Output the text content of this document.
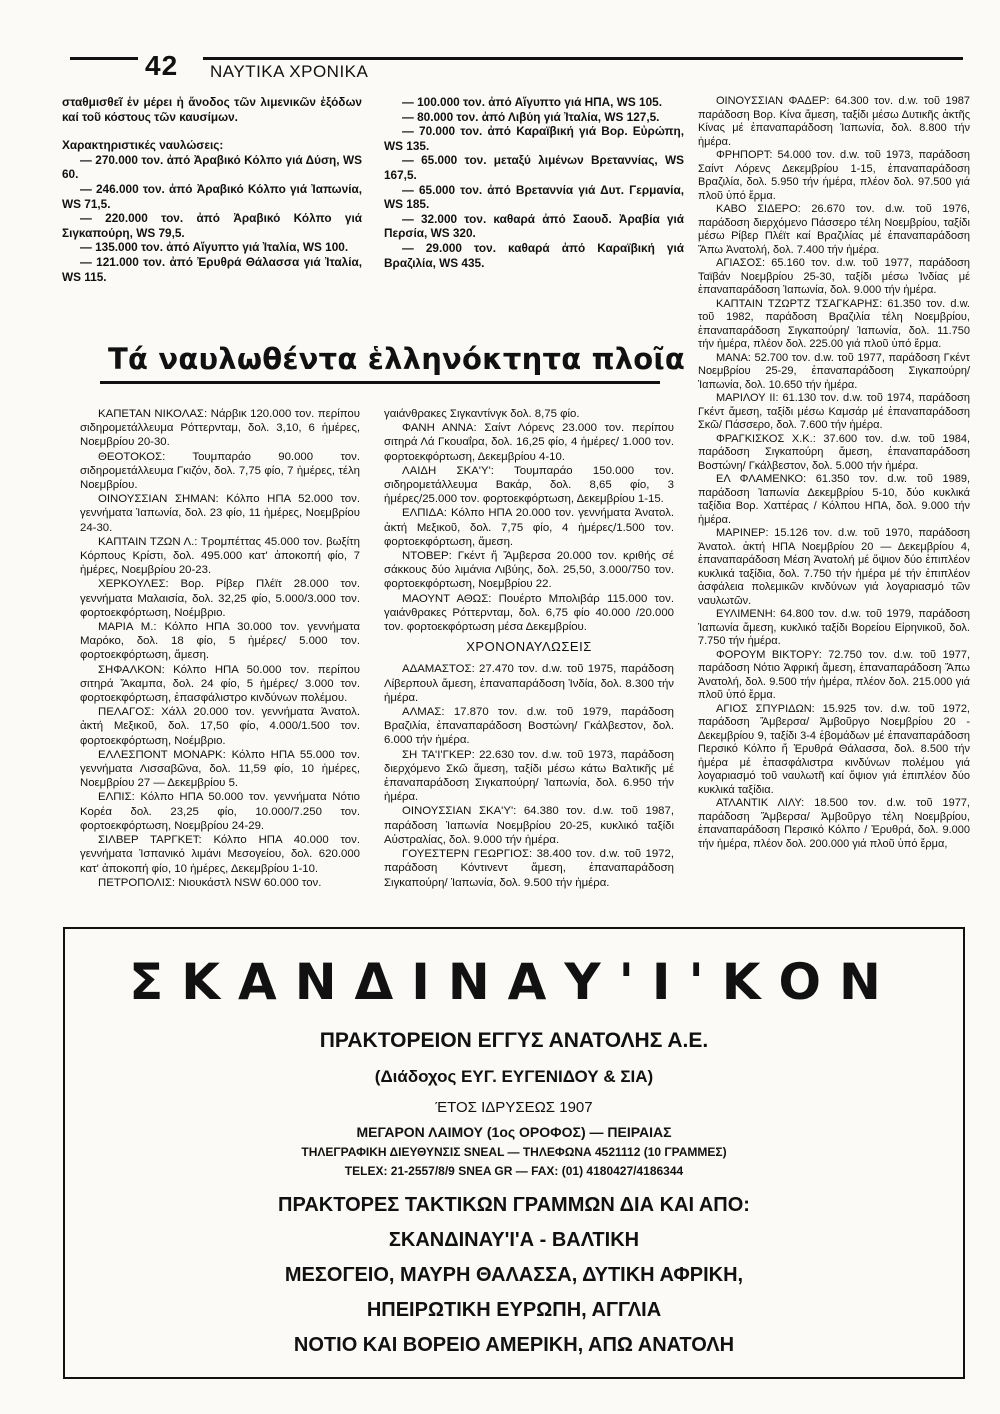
42 ΝΑΥΤΙΚΑ ΧΡΟΝΙΚΑ

σταθμισθεῖ ἐν μέρει ἡ ἄνοδος τῶν λιμενικῶν ἐξόδων καί τοῦ κόστους τῶν καυσίμων.

Χαρακτηριστικές ναυλώσεις:

— 270.000 τον. ἀπό Ἀραβικό Κόλπο γιά Δύση, WS 60.

— 246.000 τον. ἀπό Ἀραβικό Κόλπο γιά Ἰαπωνία, WS 71,5.

— 220.000 τον. ἀπό Ἀραβικό Κόλπο γιά Σιγκαπούρη, WS 79,5.

— 135.000 τον. ἀπό Αἴγυπτο γιά Ἰταλία, WS 100.

— 121.000 τον. ἀπό Ἐρυθρά Θάλασσα γιά Ἰταλία, WS 115.

— 100.000 τον. ἀπό Αἴγυπτο γιά ΗΠΑ, WS 105.

— 80.000 τον. ἀπό Λιβύη γιά Ἰταλία, WS 127,5.

— 70.000 τον. ἀπό Καραϊβική γιά Βορ. Εὐρώπη, WS 135.

— 65.000 τον. μεταξύ λιμένων Βρεταννίας, WS 167,5.

— 65.000 τον. ἀπό Βρεταννία γιά Δυτ. Γερμανία, WS 185.

— 32.000 τον. καθαρά ἀπό Σαουδ. Ἀραβία γιά Περσία, WS 320.

— 29.000 τον. καθαρά ἀπό Καραϊβική γιά Βραζιλία, WS 435.

Τά ναυλωθέντα ἑλληνόκτητα πλοῖα

ΚΑΠΕΤΑΝ ΝΙΚΟΛΑΣ: Νάρβικ 120.000 τον. περίπου σιδηρομετάλλευμα Ρόττερνταμ, δολ. 3,10, 6 ἡμέρες, Νοεμβρίου 20-30.

ΘΕΟΤΟΚΟΣ: Τουμπαράο 90.000 τον. σιδηρομετάλλευμα Γκιζόν, δολ. 7,75 φίο, 7 ἡμέρες, τέλη Νοεμβρίου.

ΟΙΝΟΥΣΣΙΑΝ ΣΗΜΑΝ: Κόλπο ΗΠΑ 52.000 τον. γεννήματα Ἰαπωνία, δολ. 23 φίο, 11 ἡμέρες, Νοεμβρίου 24-30.

ΚΑΠΤΑΙΝ ΤΖΩΝ Λ.: Τρομπέττας 45.000 τον. βωξίτη Κόρπους Κρίστι, δολ. 495.000 κατ' ἀποκοπή φίο, 7 ἡμέρες, Νοεμβρίου 20-23.

ΧΕΡΚΟΥΛΕΣ: Βορ. Ρίβερ Πλέϊτ 28.000 τον. γεννήματα Μαλαισία, δολ. 32,25 φίο, 5.000/3.000 τον. φορτοεκφόρτωση, Νοέμβριο.

ΜΑΡΙΑ Μ.: Κόλπο ΗΠΑ 30.000 τον. γεννήματα Μαρόκο, δολ. 18 φίο, 5 ἡμέρες/ 5.000 τον. φορτοεκφόρτωση, ἄμεση.

ΣΗΦΑΛΚΟΝ: Κόλπο ΗΠΑ 50.000 τον. περίπου σιτηρά Ἄκαμπα, δολ. 24 φίο, 5 ἡμέρες/ 3.000 τον. φορτοεκφόρτωση, ἐπασφάλιστρο κινδύνων πολέμου.

ΠΕΛΑΓΟΣ: Χάλλ 20.000 τον. γεννήματα Ἀνατολ. ἀκτή Μεξικοῦ, δολ. 17,50 φίο, 4.000/1.500 τον. φορτοεκφόρτωση, Νοέμβριο.

ΕΛΛΕΣΠΟΝΤ ΜΟΝΑΡΚ: Κόλπο ΗΠΑ 55.000 τον. γεννήματα Λισσαβῶνα, δολ. 11,59 φίο, 10 ἡμέρες, Νοεμβρίου 27 — Δεκεμβρίου 5.

ΕΛΠΙΣ: Κόλπο ΗΠΑ 50.000 τον. γεννήματα Νότιο Κορέα δολ. 23,25 φίο, 10.000/7.250 τον. φορτοεκφόρτωση, Νοεμβρίου 24-29.

ΣΙΛΒΕΡ ΤΑΡΓΚΕΤ: Κόλπο ΗΠΑ 40.000 τον. γεννήματα Ἰσπανικό λιμάνι Μεσογείου, δολ. 620.000 κατ' ἀποκοπή φίο, 10 ἡμέρες, Δεκεμβρίου 1-10.

ΠΕΤΡΟΠΟΛΙΣ: Νιουκάστλ NSW 60.000 τον.

γαιάνθρακες Σιγκαντίνγκ δολ. 8,75 φίο.

ΦΑΝΗ ΑΝΝΑ: Σαίντ Λόρενς 23.000 τον. περίπου σιτηρά Λά Γκουαΐρα, δολ. 16,25 φίο, 4 ἡμέρες/ 1.000 τον. φορτοεκφόρτωση, Δεκεμβρίου 4-10.

ΛΑΙΔΗ ΣΚΑ'Υ': Τουμπαράο 150.000 τον. σιδηρομετάλλευμα Βακάρ, δολ. 8,65 φίο, 3 ἡμέρες/25.000 τον. φορτοεκφόρτωση, Δεκεμβρίου 1-15.

ΕΛΠΙΔΑ: Κόλπο ΗΠΑ 20.000 τον. γεννήματα Ἀνατολ. ἀκτή Μεξικοῦ, δολ. 7,75 φίο, 4 ἡμέρες/1.500 τον. φορτοεκφόρτωση, ἄμεση.

ΝΤΟΒΕΡ: Γκέντ ἤ Ἄμβερσα 20.000 τον. κριθής σέ σάκκους δύο λιμάνια Λιβύης, δολ. 25,50, 3.000/750 τον. φορτοεκφόρτωση, Νοεμβρίου 22.

ΜΑΟΥΝΤ ΑΘΩΣ: Πουέρτο Μπολιβάρ 115.000 τον. γαιάνθρακες Ρόττερνταμ, δολ. 6,75 φίο 40.000 /20.000 τον. φορτοεκφόρτωση μέσα Δεκεμβρίου.

ΧΡΟΝΟΝΑΥΛΩΣΕΙΣ

ΑΔΑΜΑΣΤΟΣ: 27.470 τον. d.w. τοῦ 1975, παράδοση Λίβερπουλ ἄμεση, ἐπαναπαράδοση Ἰνδία, δολ. 8.300 τήν ἡμέρα.

ΑΛΜΑΣ: 17.870 τον. d.w. τοῦ 1979, παράδοση Βραζιλία, ἐπαναπαράδοση Βοστώνη/ Γκάλβεστον, δολ. 6.000 τήν ἡμέρα.

ΣΗ ΤΑ'Ι'ΓΚΕΡ: 22.630 τον. d.w. τοῦ 1973, παράδοση διερχόμενο Σκῶ ἄμεση, ταξίδι μέσω κάτω Βαλτικῆς μέ ἐπαναπαράδοση Σιγκαπούρη/ Ἰαπωνία, δολ. 6.950 τήν ἡμέρα.

ΟΙΝΟΥΣΣΙΑΝ ΣΚΑ'Υ': 64.380 τον. d.w. τοῦ 1987, παράδοση Ἰαπωνία Νοεμβρίου 20-25, κυκλικό ταξίδι Αὐστραλίας, δολ. 9.000 τήν ἡμέρα.

ΓΟΥΕΣΤΕΡΝ ΓΕΩΡΓΙΟΣ: 38.400 τον. d.w. τοῦ 1972, παράδοση Κόντινεντ ἄμεση, ἐπαναπαράδοση Σιγκαπούρη/ Ἰαπωνία, δολ. 9.500 τήν ἡμέρα.

ΟΙΝΟΥΣΣΙΑΝ ΦΑΔΕΡ: 64.300 τον. d.w. τοῦ 1987 παράδοση Βορ. Κίνα ἄμεση, ταξίδι μέσω Δυτικῆς ἀκτῆς Κίνας μέ ἐπαναπαράδοση Ἰαπωνία, δολ. 8.800 τήν ἡμέρα.

ΦΡΗΠΟΡΤ: 54.000 τον. d.w. τοῦ 1973, παράδοση Σαίντ Λόρενς Δεκεμβρίου 1-15, ἐπαναπαράδοση Βραζιλία, δολ. 5.950 τήν ἡμέρα, πλέον δολ. 97.500 γιά πλοῦ ὑπό ἔρμα.

ΚΑΒΟ ΣΙΔΕΡΟ: 26.670 τον. d.w. τοῦ 1976, παράδοση διερχόμενο Πάσσερο τέλη Νοεμβρίου, ταξίδι μέσω Ρίβερ Πλέϊτ καί Βραζιλίας μέ ἐπαναπαράδοση Ἄπω Ἀνατολή, δολ. 7.400 τήν ἡμέρα.

ΑΓΙΑΣΟΣ: 65.160 τον. d.w. τοῦ 1977, παράδοση Ταϊβάν Νοεμβρίου 25-30, ταξίδι μέσω Ἰνδίας μέ ἐπαναπαράδοση Ἰαπωνία, δολ. 9.000 τήν ἡμέρα.

ΚΑΠΤΑΙΝ ΤΖΩΡΤΖ ΤΣΑΓΚΑΡΗΣ: 61.350 τον. d.w. τοῦ 1982, παράδοση Βραζιλία τέλη Νοεμβρίου, ἐπαναπαράδοση Σιγκαπούρη/ Ἰαπωνία, δολ. 11.750 τήν ἡμέρα, πλέον δολ. 225.00 γιά πλοῦ ὑπό ἔρμα.

ΜΑΝΑ: 52.700 τον. d.w. τοῦ 1977, παράδοση Γκέντ Νοεμβρίου 25-29, ἐπαναπαράδοση Σιγκαπούρη/ Ἰαπωνία, δολ. 10.650 τήν ἡμέρα.

ΜΑΡΙΛΟΥ ΙΙ: 61.130 τον. d.w. τοῦ 1974, παράδοση Γκέντ ἄμεση, ταξίδι μέσω Καμσάρ μέ ἐπαναπαράδοση Σκῶ/ Πάσσερο, δολ. 7.600 τήν ἡμέρα.

ΦΡΑΓΚΙΣΚΟΣ Χ.Κ.: 37.600 τον. d.w. τοῦ 1984, παράδοση Σιγκαπούρη ἄμεση, ἐπαναπαράδοση Βοστώνη/ Γκάλβεστον, δολ. 5.000 τήν ἡμέρα.

ΕΛ ΦΛΑΜΕΝΚΟ: 61.350 τον. d.w. τοῦ 1989, παράδοση Ἰαπωνία Δεκεμβρίου 5-10, δύο κυκλικά ταξίδια Βορ. Χαττέρας / Κόλπου ΗΠΑ, δολ. 9.000 τήν ἡμέρα.

ΜΑΡΙΝΕΡ: 15.126 τον. d.w. τοῦ 1970, παράδοση Ἀνατολ. ἀκτή ΗΠΑ Νοεμβρίου 20 — Δεκεμβρίου 4, ἐπαναπαράδοση Μέση Ἀνατολή μέ ὄψιον δύο ἐπιπλέον κυκλικά ταξίδια, δολ. 7.750 τήν ἡμέρα μέ τήν ἐπιπλέον ἀσφάλεια πολεμικῶν κινδύνων γιά λογαριασμό τῶν ναυλωτῶν.

ΕΥΛΙΜΕΝΗ: 64.800 τον. d.w. τοῦ 1979, παράδοση Ἰαπωνία ἄμεση, κυκλικό ταξίδι Βορείου Εἰρηνικοῦ, δολ. 7.750 τήν ἡμέρα.

ΦΟΡΟΥΜ ΒΙΚΤΟΡΥ: 72.750 τον. d.w. τοῦ 1977, παράδοση Νότιο Ἀφρική ἄμεση, ἐπαναπαράδοση Ἄπω Ἀνατολή, δολ. 9.500 τήν ἡμέρα, πλέον δολ. 215.000 γιά πλοῦ ὑπό ἔρμα.

ΑΓΙΟΣ ΣΠΥΡΙΔΩΝ: 15.925 τον. d.w. τοῦ 1972, παράδοση Ἄμβερσα/ Ἀμβοῦργο Νοεμβρίου 20 - Δεκεμβρίου 9, ταξίδι 3-4 ἑβομάδων μέ ἐπαναπαράδοση Περσικό Κόλπο ἤ Ἐρυθρά Θάλασσα, δολ. 8.500 τήν ἡμέρα μέ ἐπασφάλιστρα κινδύνων πολέμου γιά λογαριασμό τοῦ ναυλωτῆ καί ὄψιον γιά ἐπιπλέον δύο κυκλικά ταξίδια.

ΑΤΛΑΝΤΙΚ ΛΙΛΥ: 18.500 τον. d.w. τοῦ 1977, παράδοση Ἄμβερσα/ Ἀμβοῦργο τέλη Νοεμβρίου, ἐπαναπαράδοση Περσικό Κόλπο / Ἐρυθρά, δολ. 9.000 τήν ἡμέρα, πλέον δολ. 200.000 γιά πλοῦ ὑπό ἔρμα,

ΣΚΑΝΔΙΝΑΥ'Ι'ΚΟΝ
ΠΡΑΚΤΟΡΕΙΟΝ ΕΓΓΥΣ ΑΝΑΤΟΛΗΣ Α.Ε.
(Διάδοχος ΕΥΓ. ΕΥΓΕΝΙΔΟΥ & ΣΙΑ)
ΈΤΟΣ ΙΔΡΥΣΕΩΣ 1907
ΜΕΓΑΡΟΝ ΛΑΙΜΟΥ (1ος ΟΡΟΦΟΣ) — ΠΕΙΡΑΙΑΣ
ΤΗΛΕΓΡΑΦΙΚΗ ΔΙΕΥΘΥΝΣΙΣ SNEAL — ΤΗΛΕΦΩΝΑ 4521112 (10 ΓΡΑΜΜΕΣ)
TELEX: 21-2557/8/9 SNEA GR — FAX: (01) 4180427/4186344
ΠΡΑΚΤΟΡΕΣ ΤΑΚΤΙΚΩΝ ΓΡΑΜΜΩΝ ΔΙΑ ΚΑΙ ΑΠΟ:
ΣΚΑΝΔΙΝΑΥ'Ι'Α - ΒΑΛΤΙΚΗ
ΜΕΣΟΓΕΙΟ, ΜΑΥΡΗ ΘΑΛΑΣΣΑ, ΔΥΤΙΚΗ ΑΦΡΙΚΗ,
ΗΠΕΙΡΩΤΙΚΗ ΕΥΡΩΠΗ, ΑΓΓΛΙΑ
ΝΟΤΙΟ ΚΑΙ ΒΟΡΕΙΟ ΑΜΕΡΙΚΗ, ΑΠΩ ΑΝΑΤΟΛΗ
